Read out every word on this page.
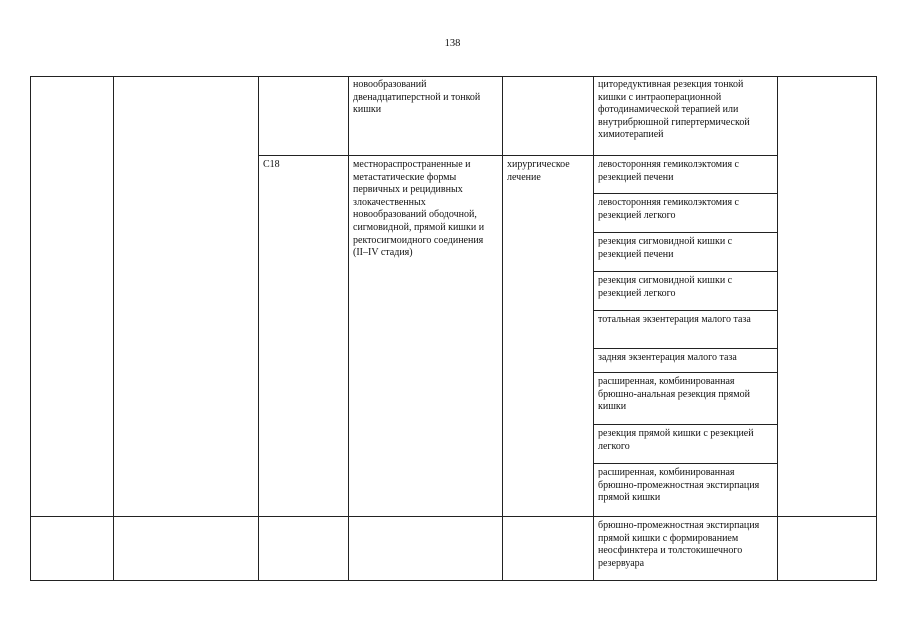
138
			новообразований двенадцатиперстной и тонкой кишки		циторедуктивная резекция тонкой кишки с интраоперационной фотодинамической терапией или внутрибрюшной гипертермической химиотерапией	
		C18	местнораспространенные и метастатические формы первичных и рецидивных злокачественных новообразований ободочной, сигмовидной, прямой кишки и ректосигмоидного соединения (II–IV стадия)	хирургическое лечение	левосторонняя гемиколэктомия с резекцией печени	
					левосторонняя гемиколэктомия с резекцией легкого	
					резекция сигмовидной кишки с резекцией печени	
					резекция сигмовидной кишки с резекцией легкого	
					тотальная экзентерация малого таза	
					задняя экзентерация малого таза	
					расширенная, комбинированная брюшно-анальная резекция прямой кишки	
					резекция прямой кишки с резекцией легкого	
					расширенная, комбинированная брюшно-промежностная экстирпация прямой кишки	
					брюшно-промежностная экстирпация прямой кишки с формированием неосфинктера и толстокишечного резервуара	
